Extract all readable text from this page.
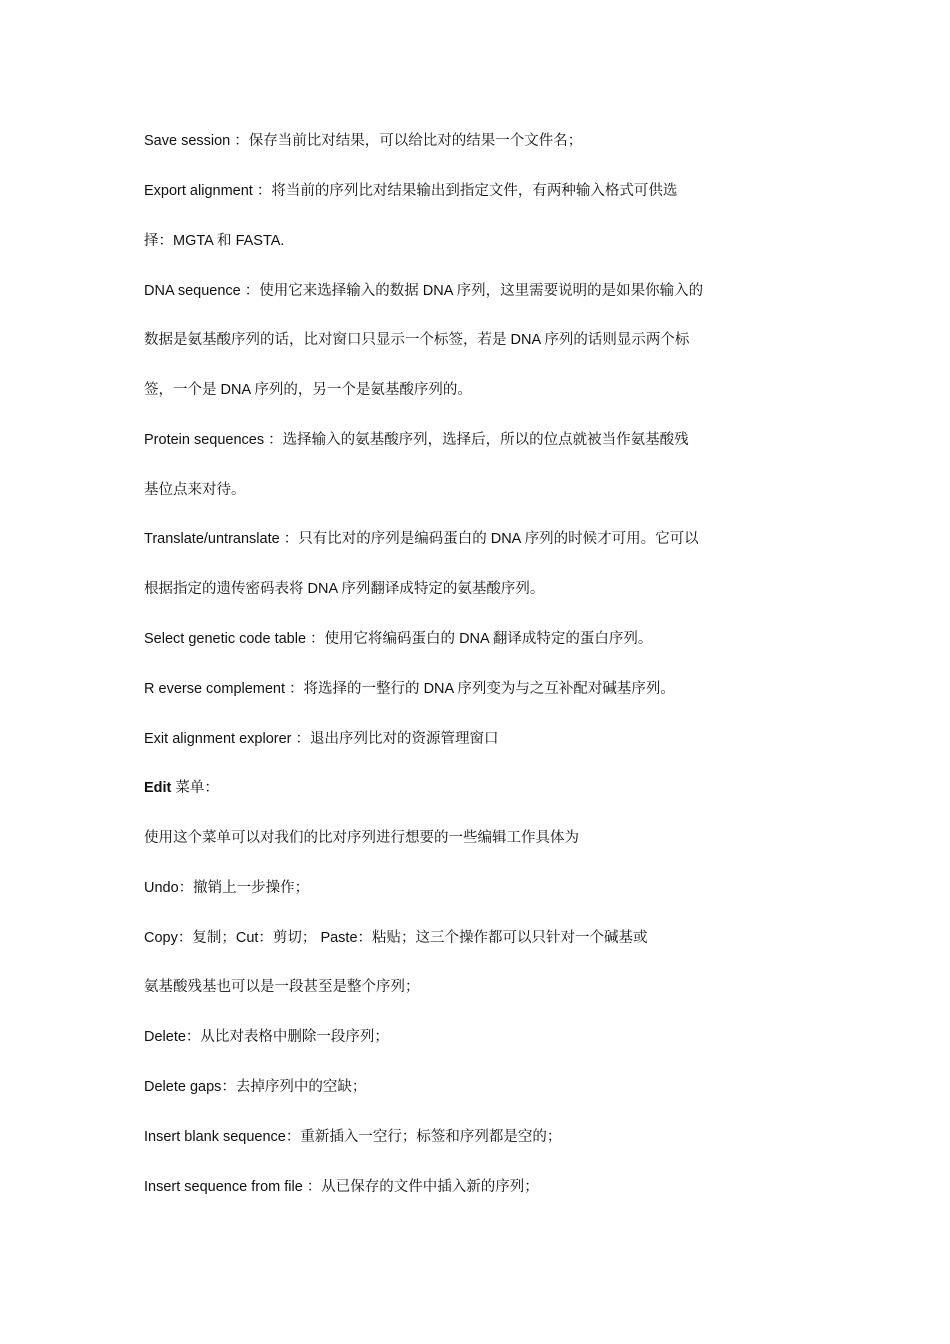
Save session ：保存当前比对结果，可以给比对的结果一个文件名；
Export alignment ：将当前的序列比对结果输出到指定文件，有两种输入格式可供选
择：MGTA 和 FASTA.
DNA sequence ：使用它来选择输入的数据 DNA 序列，这里需要说明的是如果你输入的
数据是氨基酸序列的话，比对窗口只显示一个标签，若是 DNA 序列的话则显示两个标
签，一个是 DNA 序列的，另一个是氨基酸序列的。
Protein sequences ：选择输入的氨基酸序列，选择后，所以的位点就被当作氨基酸残
基位点来对待。
Translate/untranslate ：只有比对的序列是编码蛋白的 DNA 序列的时候才可用。它可以
根据指定的遗传密码表将 DNA 序列翻译成特定的氨基酸序列。
Select genetic code table ：使用它将编码蛋白的 DNA 翻译成特定的蛋白序列。
R everse complement ：将选择的一整行的 DNA 序列变为与之互补配对碱基序列。
Exit alignment explorer ：退出序列比对的资源管理窗口
Edit 菜单：
使用这个菜单可以对我们的比对序列进行想要的一些编辑工作具体为
Undo：撤销上一步操作；
Copy：复制；Cut：剪切； Paste：粘贴；这三个操作都可以只针对一个碱基或
氨基酸残基也可以是一段甚至是整个序列；
Delete：从比对表格中删除一段序列；
Delete gaps：去掉序列中的空缺；
Insert blank sequence：重新插入一空行；标签和序列都是空的；
Insert sequence from file ：从已保存的文件中插入新的序列；
